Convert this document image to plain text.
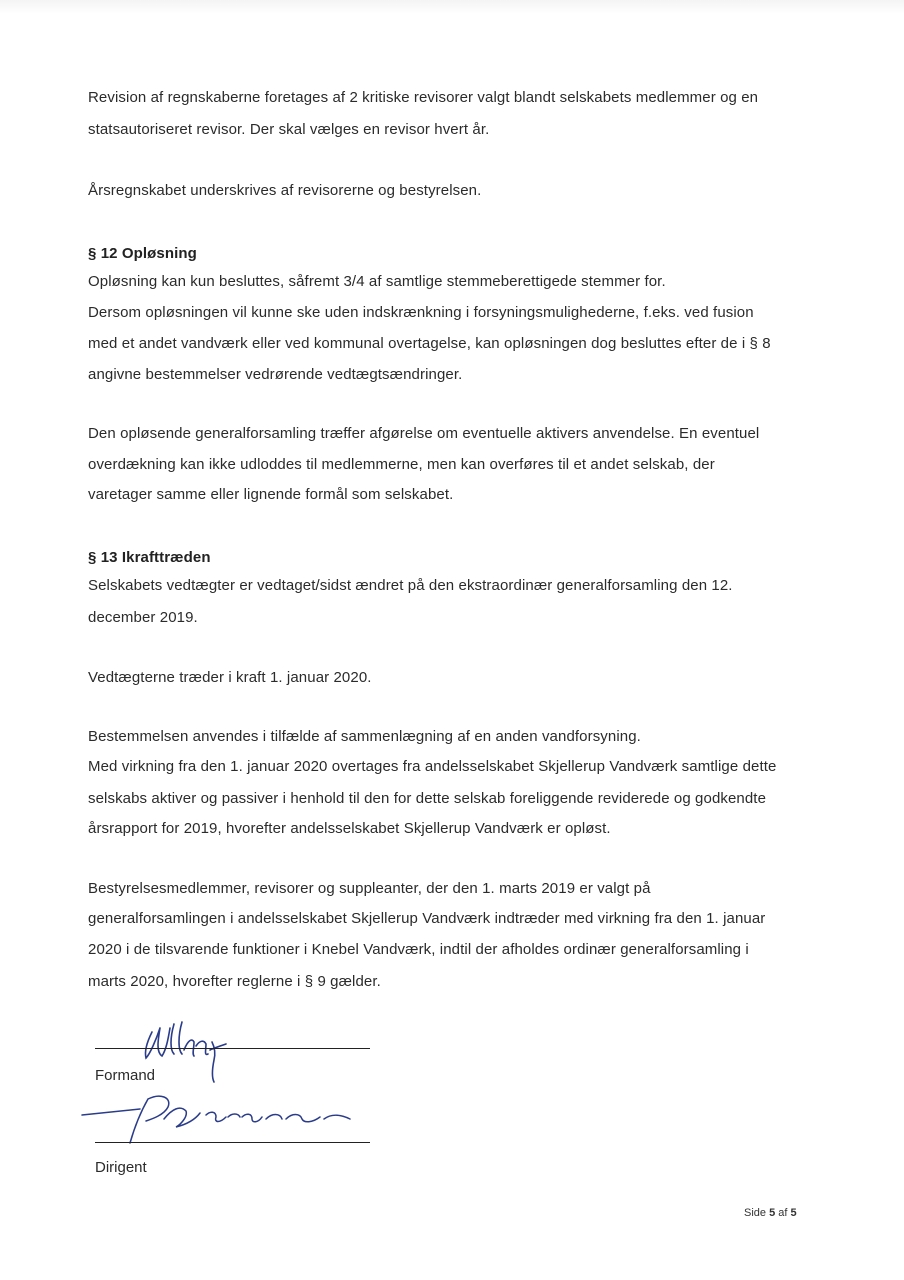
Revision af regnskaberne foretages af 2 kritiske revisorer valgt blandt selskabets medlemmer og en
statsautoriseret revisor. Der skal vælges en revisor hvert år.
Årsregnskabet underskrives af revisorerne og bestyrelsen.
§ 12 Opløsning
Opløsning kan kun besluttes, såfremt 3/4 af samtlige stemmeberettigede stemmer for.
Dersom opløsningen vil kunne ske uden indskrænkning i forsyningsmulighederne, f.eks. ved fusion
med et andet vandværk eller ved kommunal overtagelse, kan opløsningen dog besluttes efter de i § 8
angivne bestemmelser vedrørende vedtægtsændringer.
Den opløsende generalforsamling træffer afgørelse om eventuelle aktivers anvendelse. En eventuel
overdækning kan ikke udloddes til medlemmerne, men kan overføres til et andet selskab, der
varetager samme eller lignende formål som selskabet.
§ 13 Ikrafttræden
Selskabets vedtægter er vedtaget/sidst ændret på den ekstraordinær generalforsamling den 12.
december 2019.
Vedtægterne træder i kraft 1. januar 2020.
Bestemmelsen anvendes i tilfælde af sammenlægning af en anden vandforsyning.
Med virkning fra den 1. januar 2020 overtages fra andelsselskabet Skjellerup Vandværk samtlige dette
selskabs aktiver og passiver i henhold til den for dette selskab foreliggende reviderede og godkendte
årsrapport for 2019, hvorefter andelsselskabet Skjellerup Vandværk er opløst.
Bestyrelsesmedlemmer, revisorer og suppleanter, der den 1. marts 2019 er valgt på
generalforsamlingen i andelsselskabet Skjellerup Vandværk indtræder med virkning fra den 1. januar
2020 i de tilsvarende funktioner i Knebel Vandværk, indtil der afholdes ordinær generalforsamling i
marts 2020, hvorefter reglerne i § 9 gælder.
Formand
Dirigent
Side 5 af 5
